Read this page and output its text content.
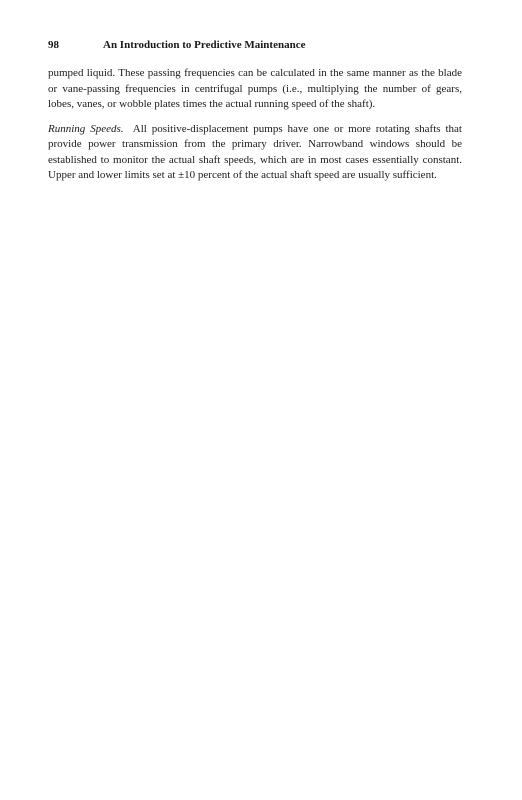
98	An Introduction to Predictive Maintenance

pumped liquid. These passing frequencies can be calculated in the same manner as the blade or vane-passing frequencies in centrifugal pumps (i.e., multiplying the number of gears, lobes, vanes, or wobble plates times the actual running speed of the shaft).

Running Speeds. All positive-displacement pumps have one or more rotating shafts that provide power transmission from the primary driver. Narrowband windows should be established to monitor the actual shaft speeds, which are in most cases essentially constant. Upper and lower limits set at ±10 percent of the actual shaft speed are usually sufficient.
